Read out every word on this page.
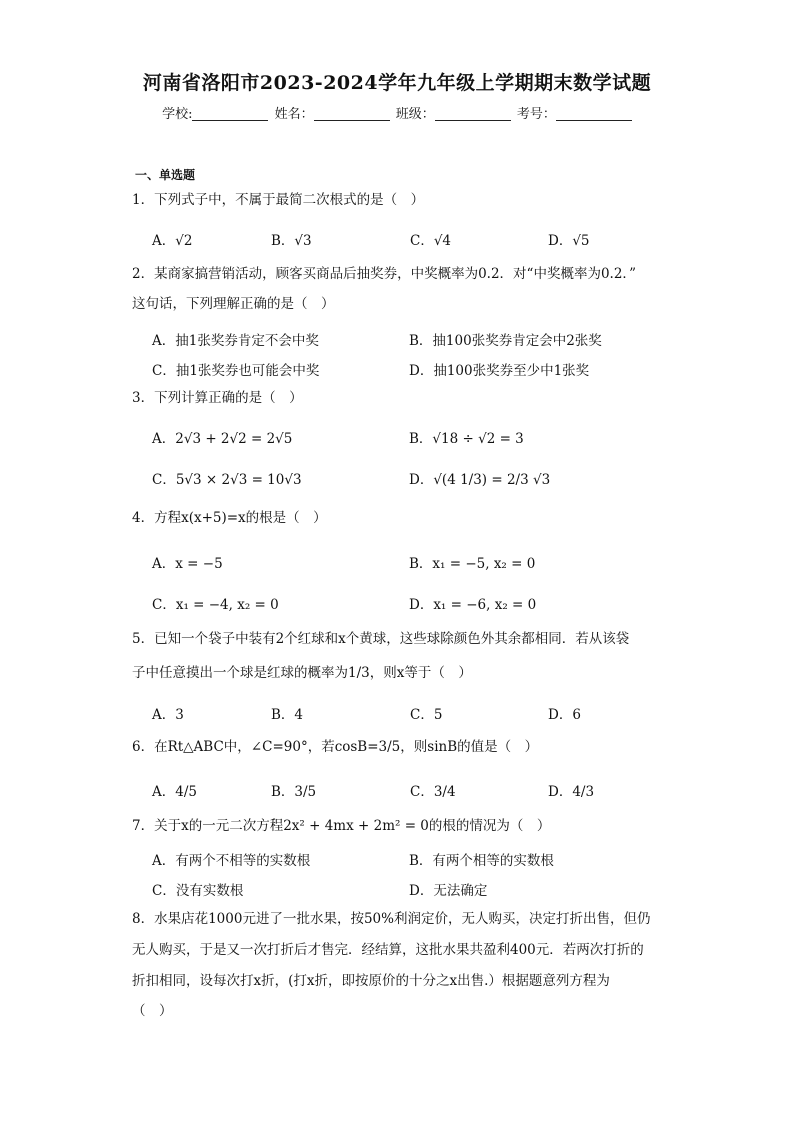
河南省洛阳市2023-2024学年九年级上学期期末数学试题
学校:	姓名：	班级：	考号：
一、单选题
1．下列式子中，不属于最简二次根式的是（　）
A．√2	B．√3	C．√4	D．√5
2．某商家搞营销活动，顾客买商品后抽奖券，中奖概率为0.2．对“中奖概率为0.2．”
这句话，下列理解正确的是（　）
A．抽1张奖券肯定不会中奖	B．抽100张奖券肯定会中2张奖
C．抽1张奖券也可能会中奖	D．抽100张奖券至少中1张奖
3．下列计算正确的是（　）
A．2√3 + 2√2 = 2√5	B．√18 ÷ √2 = 3
C．5√3 × 2√3 = 10√3	D．√(4 1/3) = 2/3 √3
4．方程x(x+5)=x的根是（　）
A．x = −5	B．x₁ = −5, x₂ = 0
C．x₁ = −4, x₂ = 0	D．x₁ = −6, x₂ = 0
5．已知一个袋子中装有2个红球和x个黄球，这些球除颜色外其余都相同．若从该袋
子中任意摸出一个球是红球的概率为1/3，则x等于（　）
A．3	B．4	C．5	D．6
6．在Rt△ABC中，∠C=90°，若cosB=3/5，则sinB的值是（　）
A．4/5	B．3/5	C．3/4	D．4/3
7．关于x的一元二次方程2x² + 4mx + 2m² = 0的根的情况为（　）
A．有两个不相等的实数根	B．有两个相等的实数根
C．没有实数根	D．无法确定
8．水果店花1000元进了一批水果，按50%利润定价，无人购买，决定打折出售，但仍
无人购买，于是又一次打折后才售完．经结算，这批水果共盈利400元．若两次打折的
折扣相同，设每次打x折，(打x折，即按原价的十分之x出售.）根据题意列方程为
（　）
